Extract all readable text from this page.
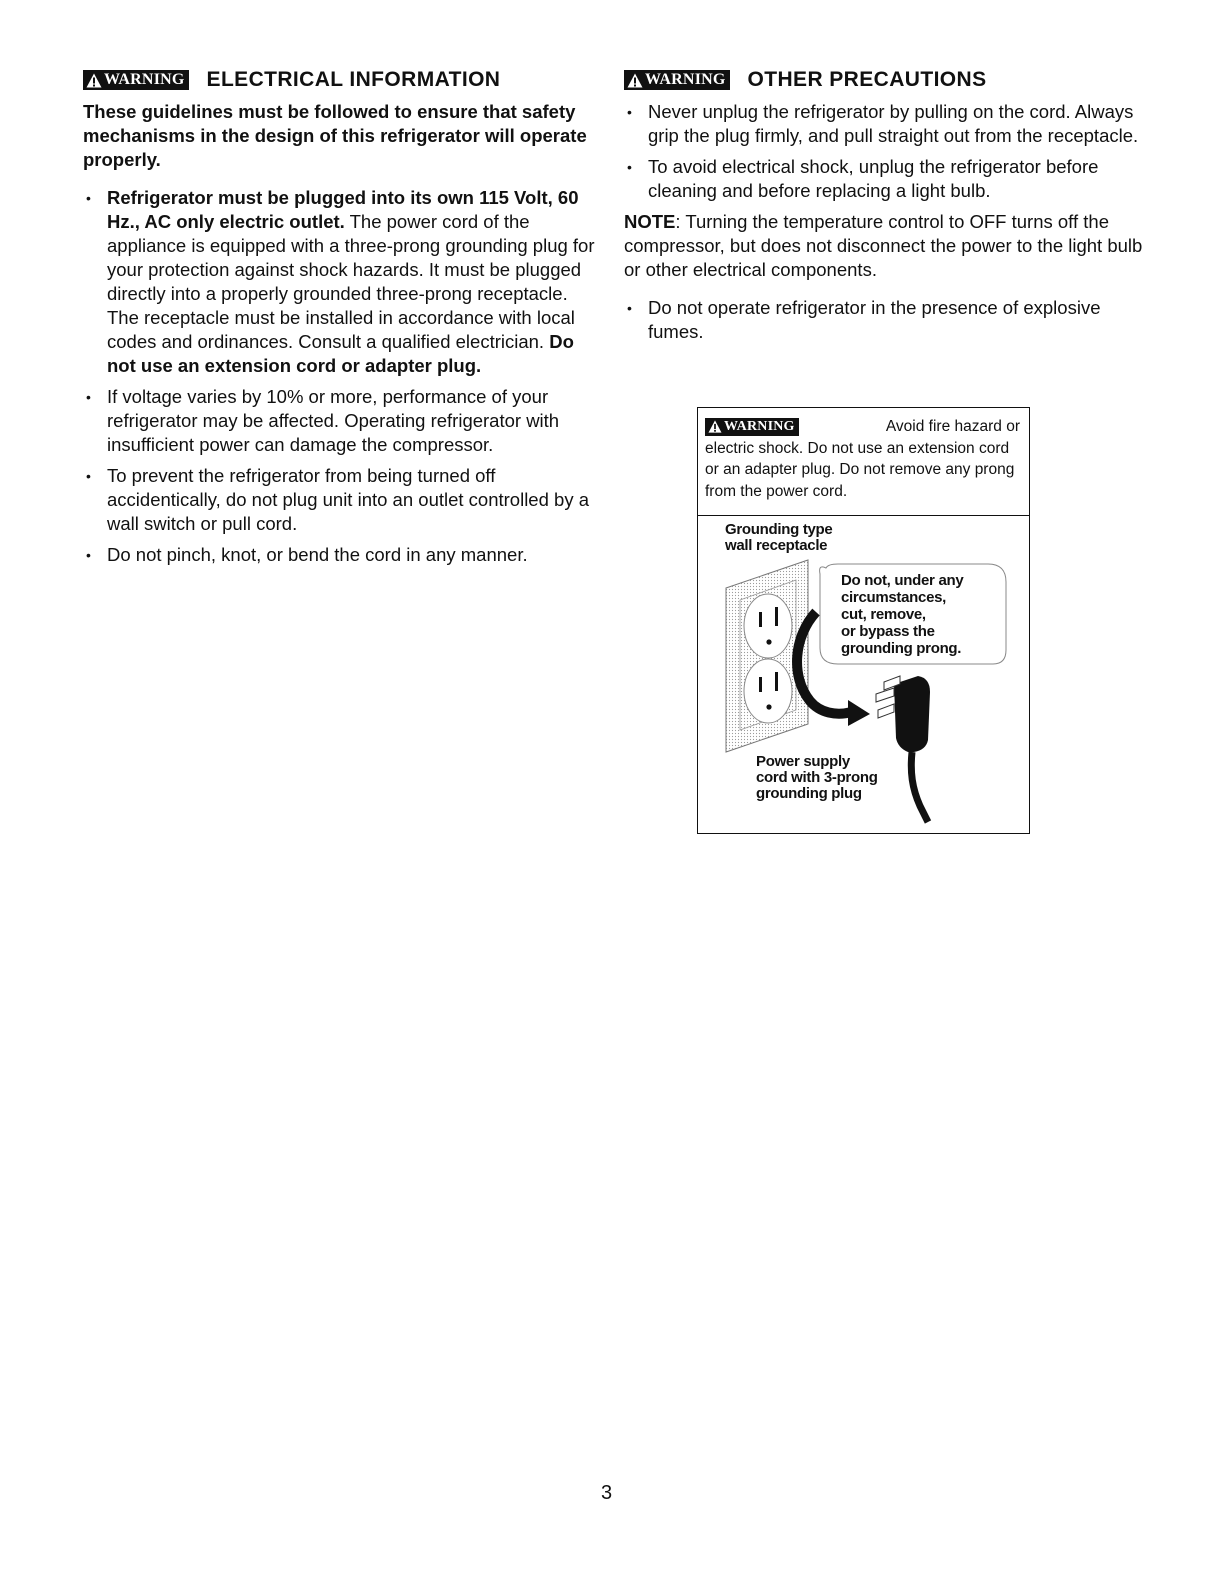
WARNING ELECTRICAL INFORMATION

These guidelines must be followed to ensure that safety mechanisms in the design of this refrigerator will operate properly.

• Refrigerator must be plugged into its own 115 Volt, 60 Hz., AC only electric outlet. The power cord of the appliance is equipped with a three-prong grounding plug for your protection against shock hazards. It must be plugged directly into a properly grounded three-prong receptacle. The receptacle must be installed in accordance with local codes and ordinances. Consult a qualified electrician. Do not use an extension cord or adapter plug.
• If voltage varies by 10% or more, performance of your refrigerator may be affected. Operating refrigerator with insufficient power can damage the compressor.
• To prevent the refrigerator from being turned off accidentically, do not plug unit into an outlet controlled by a wall switch or pull cord.
• Do not pinch, knot, or bend the cord in any manner.
WARNING OTHER PRECAUTIONS
• Never unplug the refrigerator by pulling on the cord. Always grip the plug firmly, and pull straight out from the receptacle.
• To avoid electrical shock, unplug the refrigerator before cleaning and before replacing a light bulb.

NOTE: Turning the temperature control to OFF turns off the compressor, but does not disconnect the power to the light bulb or other electrical components.

• Do not operate refrigerator in the presence of explosive fumes.
WARNING	Avoid fire hazard or
electric shock. Do not use an extension cord or an adapter plug. Do not remove any prong from the power cord.
Grounding type
wall receptacle
Do not, under any
circumstances,
cut, remove,
or bypass the
grounding prong.
Power supply
cord with 3-prong
grounding plug
3
